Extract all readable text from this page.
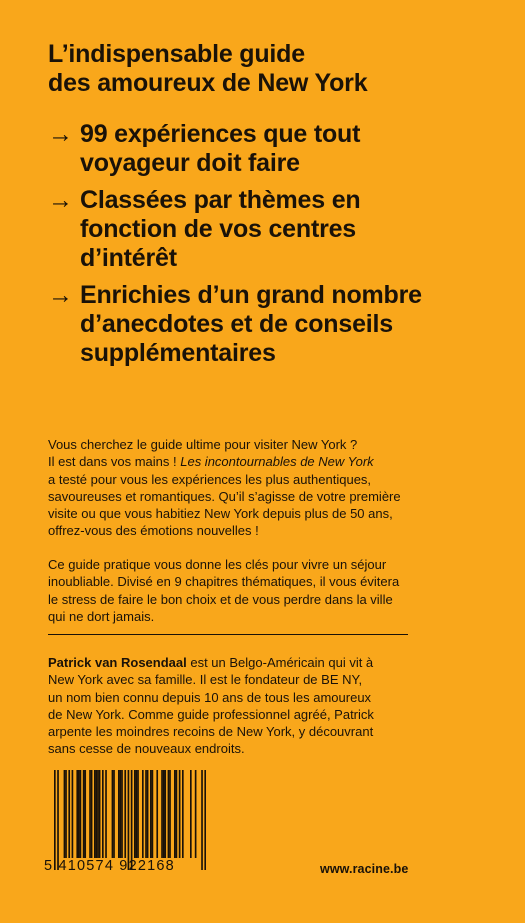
L’indispensable guide
des amoureux de New York
→ 99 expériences que tout
voyageur doit faire
→ Classées par thèmes en
fonction de vos centres
d’intérêt
→ Enrichies d’un grand nombre
d’anecdotes et de conseils
supplémentaires
Vous cherchez le guide ultime pour visiter New York ?
Il est dans vos mains ! Les incontournables de New York
a testé pour vous les expériences les plus authentiques,
savoureuses et romantiques. Qu’il s’agisse de votre première
visite ou que vous habitiez New York depuis plus de 50 ans,
offrez-vous des émotions nouvelles !
Ce guide pratique vous donne les clés pour vivre un séjour
inoubliable. Divisé en 9 chapitres thématiques, il vous évitera
le stress de faire le bon choix et de vous perdre dans la ville
qui ne dort jamais.
Patrick van Rosendaal est un Belgo-Américain qui vit à
New York avec sa famille. Il est le fondateur de BE NY,
un nom bien connu depuis 10 ans de tous les amoureux
de New York. Comme guide professionnel agréé, Patrick
arpente les moindres recoins de New York, y découvrant
sans cesse de nouveaux endroits.
5 410574 922168	www.racine.be
